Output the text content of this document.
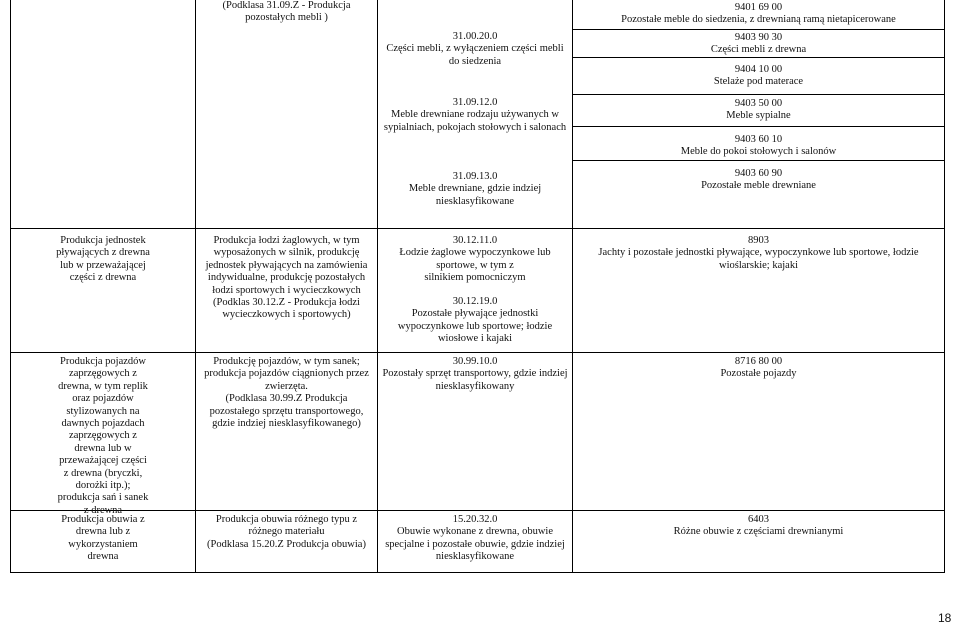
(Podklasa 31.09.Z - Produkcja
pozostałych mebli )
31.00.20.0
Części mebli, z wyłączeniem części mebli
do siedzenia
31.09.12.0
Meble drewniane rodzaju używanych w
sypialniach, pokojach stołowych i salonach
31.09.13.0
Meble drewniane, gdzie indziej
niesklasyfikowane
9401 69 00
Pozostałe meble do siedzenia, z drewnianą ramą nietapicerowane
9403 90 30
Części mebli z drewna
9404 10 00
Stelaże pod materace
9403 50 00
Meble sypialne
9403 60 10
Meble do pokoi stołowych i salonów
9403 60 90
Pozostałe meble drewniane
Produkcja jednostek
pływających z drewna
lub w przeważającej
części z drewna
Produkcja łodzi żaglowych, w tym
wyposażonych w silnik, produkcję
jednostek pływających na zamówienia
indywidualne, produkcję pozostałych
łodzi sportowych i wycieczkowych
(Podklas 30.12.Z - Produkcja łodzi
wycieczkowych i sportowych)
30.12.11.0
Łodzie żaglowe wypoczynkowe lub
sportowe, w tym z
silnikiem pomocniczym
30.12.19.0
Pozostałe pływające jednostki
wypoczynkowe lub sportowe; łodzie
wiosłowe i kajaki
8903
Jachty i pozostałe jednostki pływające, wypoczynkowe lub sportowe, łodzie
wioślarskie; kajaki
Produkcja pojazdów
zaprzęgowych z
drewna, w tym replik
oraz pojazdów
stylizowanych na
dawnych pojazdach
zaprzęgowych z
drewna lub w
przeważającej części
z drewna (bryczki,
dorożki itp.);
produkcja sań i sanek
z drewna
Produkcję pojazdów, w tym sanek;
produkcja pojazdów ciągnionych przez
zwierzęta.
(Podklasa 30.99.Z Produkcja
pozostałego sprzętu transportowego,
gdzie indziej niesklasyfikowanego)
30.99.10.0
Pozostały sprzęt transportowy, gdzie indziej
niesklasyfikowany
8716 80 00
Pozostałe pojazdy
Produkcja obuwia z
drewna lub z
wykorzystaniem
drewna
Produkcja obuwia różnego typu z
różnego materiału
(Podklasa 15.20.Z Produkcja obuwia)
15.20.32.0
Obuwie wykonane z drewna, obuwie
specjalne i pozostałe obuwie, gdzie indziej
niesklasyfikowane
6403
Różne obuwie z częściami drewnianymi
18
